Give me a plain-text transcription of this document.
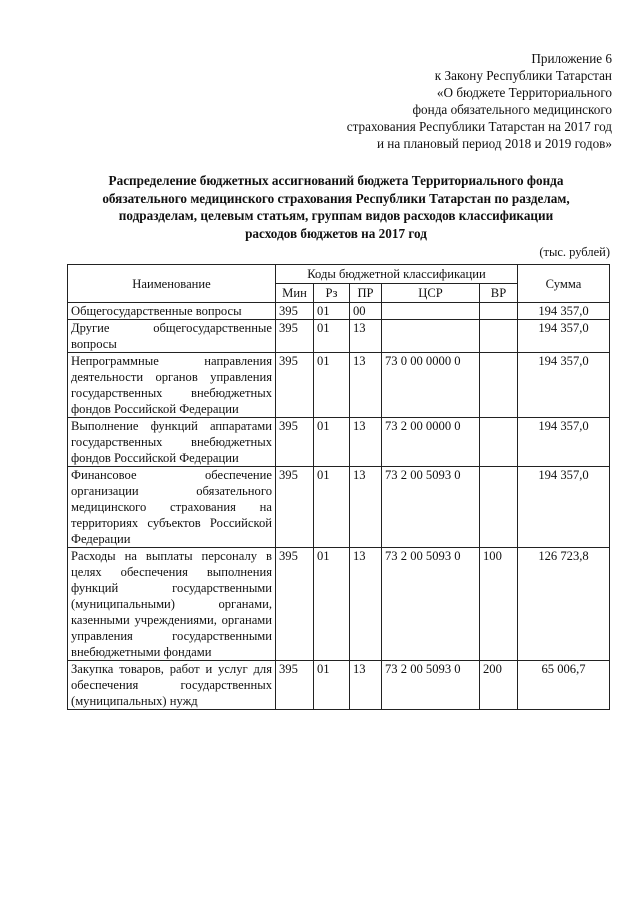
Приложение 6
к Закону Республики Татарстан
«О бюджете Территориального
фонда обязательного медицинского
страхования Республики Татарстан на 2017 год
и на плановый период 2018 и 2019 годов»
Распределение бюджетных ассигнований бюджета Территориального фонда
обязательного медицинского страхования Республики Татарстан по разделам,
подразделам, целевым статьям, группам видов расходов классификации
расходов бюджетов на 2017 год
(тыс. рублей)
Наименование	Коды бюджетной классификации					Сумма
	Мин	Рз	ПР	ЦСР	ВР	
Общегосударственные вопросы	395	01	00			194 357,0
Другие общегосударственные вопросы	395	01	13			194 357,0
Непрограммные направления деятельности органов управления государственных внебюджетных фондов Российской Федерации	395	01	13	73 0 00 0000 0		194 357,0
Выполнение функций аппаратами государственных внебюджетных фондов Российской Федерации	395	01	13	73 2 00 0000 0		194 357,0
Финансовое обеспечение организации обязательного медицинского страхования на территориях субъектов Российской Федерации	395	01	13	73 2 00 5093 0		194 357,0
Расходы на выплаты персоналу в целях обеспечения выполнения функций государственными (муниципальными) органами, казенными учреждениями, органами управления государственными внебюджетными фондами	395	01	13	73 2 00 5093 0	100	126 723,8
Закупка товаров, работ и услуг для обеспечения государственных (муниципальных) нужд	395	01	13	73 2 00 5093 0	200	65 006,7
